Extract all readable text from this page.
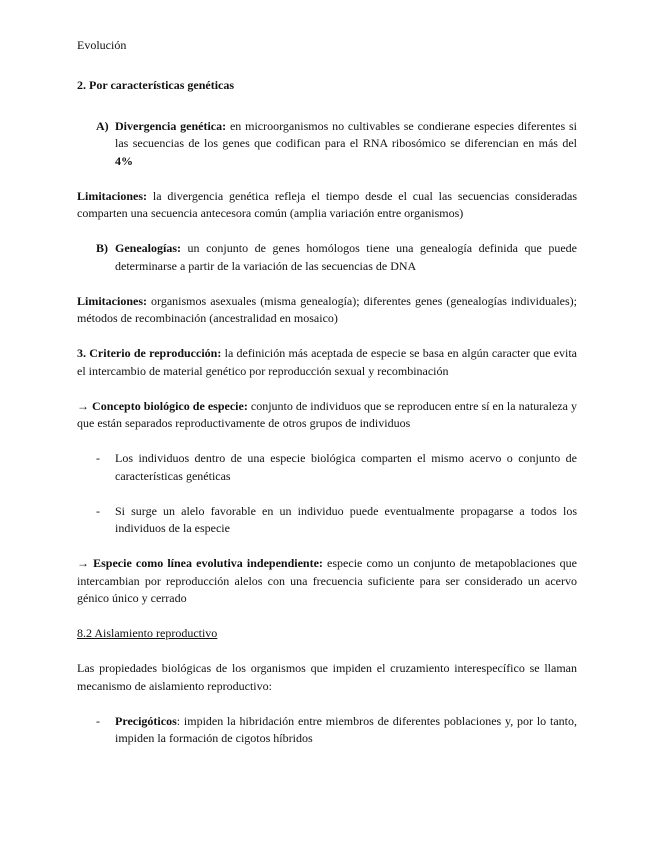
Evolución

2. Por características genéticas

A) Divergencia genética: en microorganismos no cultivables se condierane especies diferentes si las secuencias de los genes que codifican para el RNA ribosómico se diferencian en más del 4%

Limitaciones: la divergencia genética refleja el tiempo desde el cual las secuencias consideradas comparten una secuencia antecesora común (amplia variación entre organismos)

B) Genealogías: un conjunto de genes homólogos tiene una genealogía definida que puede determinarse a partir de la variación de las secuencias de DNA

Limitaciones: organismos asexuales (misma genealogía); diferentes genes (genealogías individuales); métodos de recombinación (ancestralidad en mosaico)

3. Criterio de reproducción: la definición más aceptada de especie se basa en algún caracter que evita el intercambio de material genético por reproducción sexual y recombinación

→ Concepto biológico de especie: conjunto de individuos que se reproducen entre sí en la naturaleza y que están separados reproductivamente de otros grupos de individuos

- Los individuos dentro de una especie biológica comparten el mismo acervo o conjunto de características genéticas

- Si surge un alelo favorable en un individuo puede eventualmente propagarse a todos los individuos de la especie

→ Especie como línea evolutiva independiente: especie como un conjunto de metapoblaciones que intercambian por reproducción alelos con una frecuencia suficiente para ser considerado un acervo génico único y cerrado

8.2 Aislamiento reproductivo

Las propiedades biológicas de los organismos que impiden el cruzamiento interespecífico se llaman mecanismo de aislamiento reproductivo:

- Precigóticos: impiden la hibridación entre miembros de diferentes poblaciones y, por lo tanto, impiden la formación de cigotos híbridos
